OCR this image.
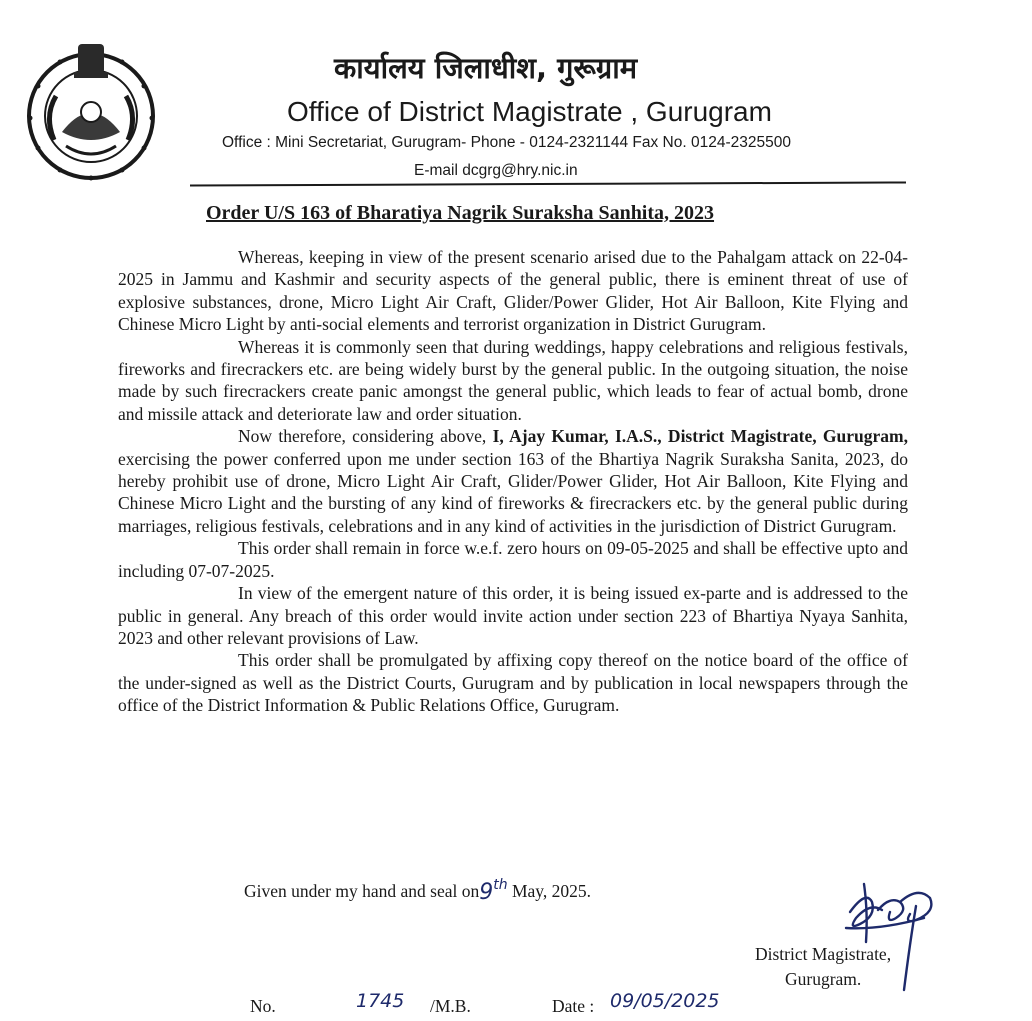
कार्यालय जिलाधीश, गुरूग्राम
Office of District Magistrate , Gurugram
Office : Mini Secretariat, Gurugram- Phone - 0124-2321144 Fax No. 0124-2325500
E-mail dcgrg@hry.nic.in
Order U/S 163 of Bharatiya Nagrik Suraksha Sanhita, 2023

Whereas, keeping in view of the present scenario arised due to the Pahalgam attack on 22-04-2025 in Jammu and Kashmir and security aspects of the general public, there is eminent threat of use of explosive substances, drone, Micro Light Air Craft, Glider/Power Glider, Hot Air Balloon, Kite Flying and Chinese Micro Light by anti-social elements and terrorist organization in District Gurugram.

Whereas it is commonly seen that during weddings, happy celebrations and religious festivals, fireworks and firecrackers etc. are being widely burst by the general public. In the outgoing situation, the noise made by such firecrackers create panic amongst the general public, which leads to fear of actual bomb, drone and missile attack and deteriorate law and order situation.

Now therefore, considering above, I, Ajay Kumar, I.A.S., District Magistrate, Gurugram, exercising the power conferred upon me under section 163 of the Bhartiya Nagrik Suraksha Sanita, 2023, do hereby prohibit use of drone, Micro Light Air Craft, Glider/Power Glider, Hot Air Balloon, Kite Flying and Chinese Micro Light and the bursting of any kind of fireworks & firecrackers etc. by the general public during marriages, religious festivals, celebrations and in any kind of activities in the jurisdiction of District Gurugram.

This order shall remain in force w.e.f. zero hours on 09-05-2025 and shall be effective upto and including 07-07-2025.

In view of the emergent nature of this order, it is being issued ex-parte and is addressed to the public in general. Any breach of this order would invite action under section 223 of Bhartiya Nyaya Sanhita, 2023 and other relevant provisions of Law.

This order shall be promulgated by affixing copy thereof on the notice board of the office of the under-signed as well as the District Courts, Gurugram and by publication in local newspapers through the office of the District Information & Public Relations Office, Gurugram.

Given under my hand and seal on9th May, 2025.
District Magistrate,
Gurugram.
No.	1745 /M.B.	Date : 09/05/2025
